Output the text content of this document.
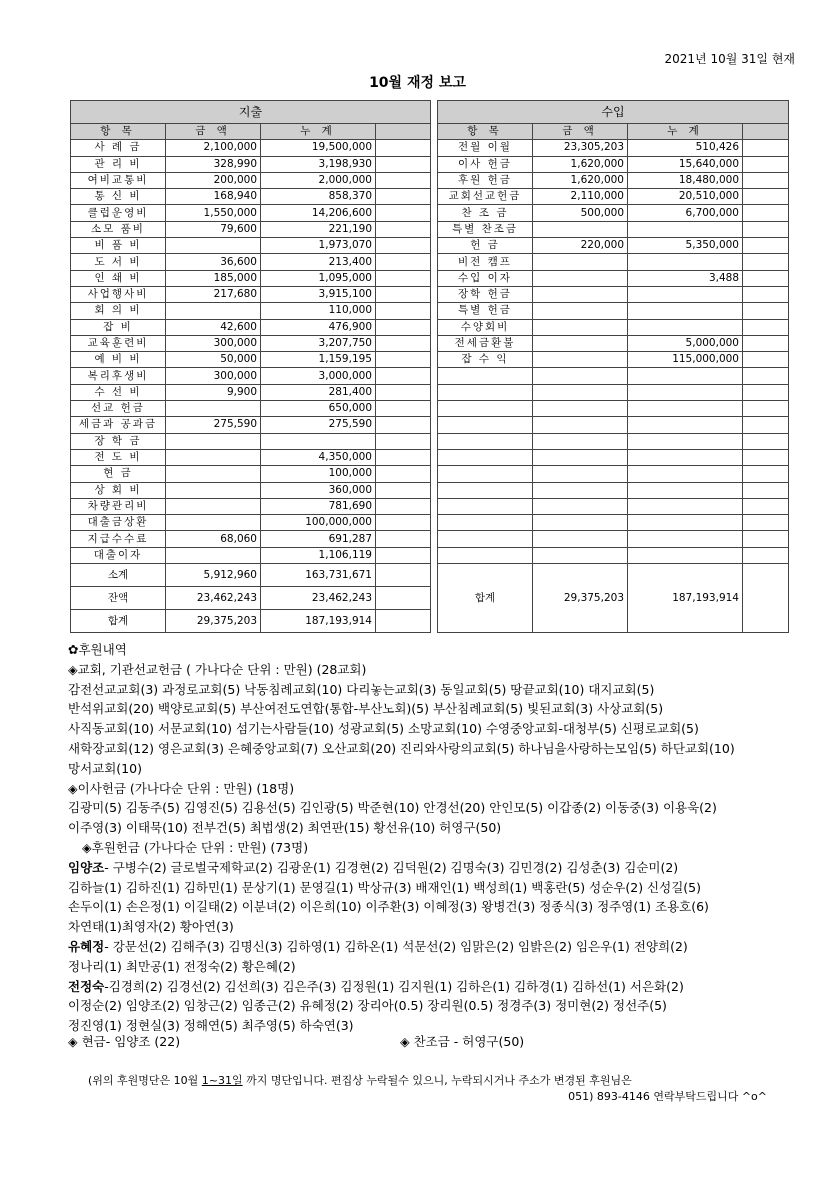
2021년 10월 31일 현재
10월 재정 보고
지출					수입			
항 목	금 액	누 계			항 목	금 액	누 계	
사 례 금	2,100,000	19,500,000			전월 이월	23,305,203	510,426	
관 리 비	328,990	3,198,930			이사 헌금	1,620,000	15,640,000	
여비교통비	200,000	2,000,000			후원 헌금	1,620,000	18,480,000	
통 신 비	168,940	858,370			교회선교헌금	2,110,000	20,510,000	
클럽운영비	1,550,000	14,206,600			찬 조 금	500,000	6,700,000	
소모 품비	79,600	221,190			특별 찬조금			
비 품 비		1,973,070			헌 금	220,000	5,350,000	
도 서 비	36,600	213,400			비전 캠프			
인 쇄 비	185,000	1,095,000			수입 이자		3,488	
사업행사비	217,680	3,915,100			장학 헌금			
회 의 비		110,000			특별 헌금			
잡 비	42,600	476,900			수양회비			
교육훈련비	300,000	3,207,750			전세금환불		5,000,000	
예 비 비	50,000	1,159,195			잡 수 익		115,000,000	
복리후생비	300,000	3,000,000						
수 선 비	9,900	281,400						
선교 헌금		650,000						
세금과 공과금	275,590	275,590						
장 학 금								
전 도 비		4,350,000						
현 금		100,000						
상 회 비		360,000						
차량관리비		781,690						
대출금상환		100,000,000						
지급수수료	68,060	691,287						
대출이자		1,106,119						
소계	5,912,960	163,731,671			합계	29,375,203	187,193,914	
잔액	23,462,243	23,462,243						
합계	29,375,203	187,193,914						

✿후원내역

◈교회, 기관선교헌금 ( 가나다순 단위 : 만원) (28교회)

감전선교교회(3) 과정로교회(5) 낙동침례교회(10) 다리놓는교회(3) 동일교회(5) 땅끝교회(10) 대지교회(5)

반석위교회(20) 백양로교회(5) 부산여전도연합(통합-부산노회)(5) 부산침례교회(5) 빛된교회(3) 사상교회(5)

사직동교회(10) 서문교회(10) 섬기는사람들(10) 성광교회(5) 소망교회(10) 수영중앙교회-대청부(5) 신평로교회(5)

새학장교회(12) 영은교회(3) 은혜중앙교회(7) 오산교회(20) 진리와사랑의교회(5) 하나님을사랑하는모임(5) 하단교회(10)

망서교회(10)

◈이사헌금 (가나다순 단위 : 만원) (18명)

김광미(5) 김동주(5) 김영진(5) 김용선(5) 김인광(5) 박준현(10) 안경선(20) 안인모(5) 이갑종(2) 이동중(3) 이용욱(2)

이주영(3) 이태묵(10) 전부건(5) 최법생(2) 최연판(15) 황선유(10) 허영구(50)

◈후원헌금 (가나다순 단위 : 만원) (73명)

임양조- 구병수(2) 글로벌국제학교(2) 김광운(1) 김경현(2) 김덕원(2) 김명숙(3) 김민경(2) 김성춘(3) 김순미(2)

김하늘(1) 김하진(1) 김하민(1) 문상기(1) 문영길(1) 박상규(3) 배재인(1) 백성희(1) 백홍란(5) 성순우(2) 신성길(5)

손두이(1) 손은정(1) 이길태(2) 이분녀(2) 이은희(10) 이주환(3) 이혜정(3) 왕병건(3) 정종식(3) 정주영(1) 조용호(6)

차연태(1)최영자(2) 황아연(3)

유혜정- 강문선(2) 김해주(3) 김명신(3) 김하영(1) 김하온(1) 석문선(2) 임맑은(2) 임밝은(2) 임은우(1) 전양희(2)

정나리(1) 최만공(1) 전정숙(2) 황은혜(2)

전정숙-김경희(2) 김경선(2) 김선희(3) 김은주(3) 김정원(1) 김지원(1) 김하은(1) 김하경(1) 김하선(1) 서은화(2)

이정순(2) 임양조(2) 임창근(2) 임종근(2) 유혜정(2) 장리아(0.5) 장리원(0.5) 정경주(3) 정미현(2) 정선주(5)

정진영(1) 정현실(3) 정해연(5) 최주영(5) 하숙연(3)

◈ 현금- 임양조 (22)	◈ 찬조금 - 허영구(50)
(위의 후원명단은 10월 1~31일 까지 명단입니다. 편집상 누락될수 있으니, 누락되시거나 주소가 변경된 후원님은
051) 893-4146 연락부탁드립니다 ^o^
